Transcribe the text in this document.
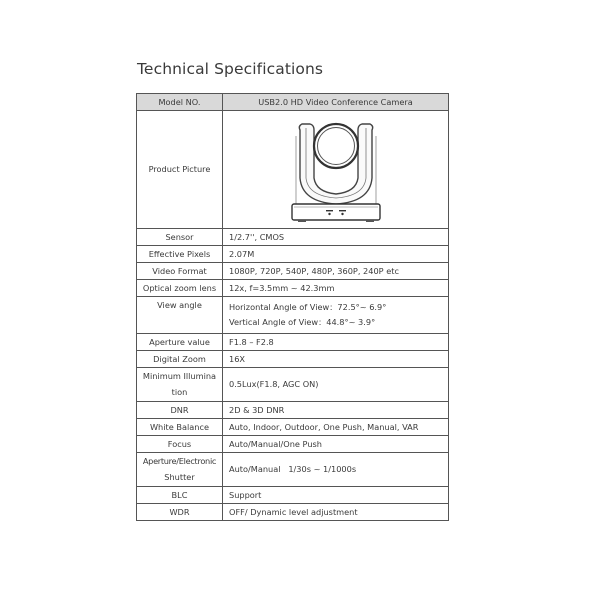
Technical Specifications
Model NO.	USB2.0 HD Video Conference Camera
Product Picture	

Sensor	1/2.7'', CMOS
Effective Pixels	2.07M
Video Format	1080P, 720P, 540P, 480P, 360P, 240P etc
Optical zoom lens	12x, f=3.5mm ~ 42.3mm
View angle	Horizontal Angle of View：72.5°~ 6.9°
Vertical Angle of View：44.8°~ 3.9°

Aperture value	F1.8 – F2.8
Digital Zoom	16X

Minimum Illumina
tion	0.5Lux(F1.8, AGC ON)
DNR	2D & 3D DNR
White Balance	Auto, Indoor, Outdoor, One Push, Manual, VAR
Focus	Auto/Manual/One Push

Aperture/Electronic
Shutter	Auto/Manual   1/30s ~ 1/1000s
BLC	Support
WDR	OFF/ Dynamic level adjustment
